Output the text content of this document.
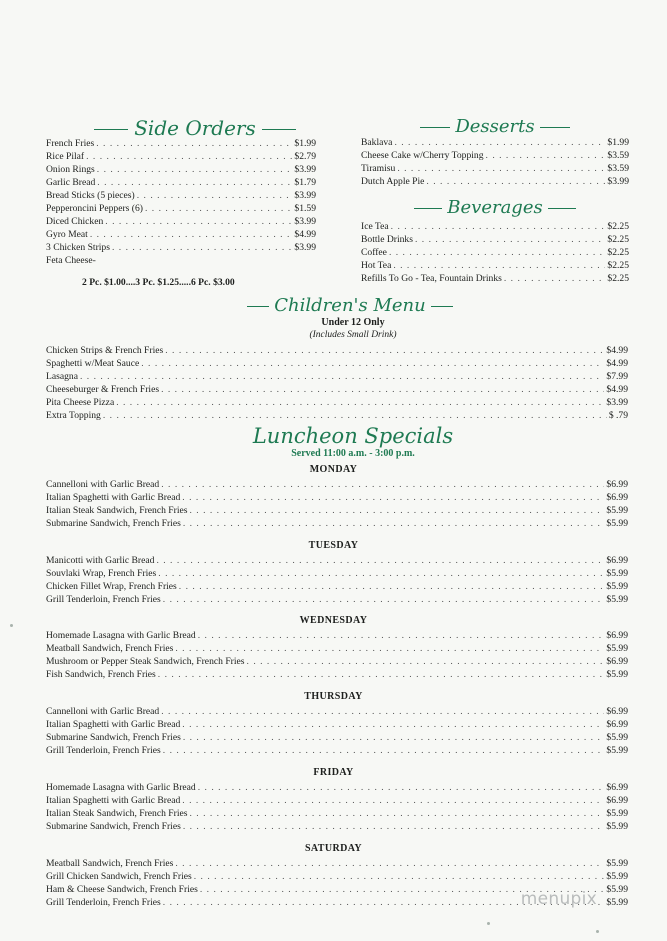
Side Orders
French Fries . . .	$1.99
Rice Pilaf . . .	$2.79
Onion Rings . . .	$3.99
Garlic Bread . . .	$1.79
Bread Sticks (5 pieces) . . .	$3.99
Pepperoncini Peppers (6) . . .	$1.59
Diced Chicken . . .	$3.99
Gyro Meat . . .	$4.99
3 Chicken Strips . . .	$3.99
Feta Cheese-
2 Pc. $1.00....3 Pc. $1.25.....6 Pc. $3.00
Desserts
Baklava . . .	$1.99
Cheese Cake w/Cherry Topping . . .	$3.59
Tiramisu . . .	$3.59
Dutch Apple Pie . . .	$3.99
Beverages
Ice Tea . . .	$2.25
Bottle Drinks . . .	$2.25
Coffee . . .	$2.25
Hot Tea . . .	$2.25
Refills To Go - Tea, Fountain Drinks . . .	$2.25
Children's Menu
Under 12 Only
(Includes Small Drink)
Chicken Strips & French Fries . . .	$4.99
Spaghetti w/Meat Sauce . . .	$4.99
Lasagna . . .	$7.99
Cheeseburger & French Fries . . .	$4.99
Pita Cheese Pizza . . .	$3.99
Extra Topping . . .	$ .79
Luncheon Specials
Served 11:00 a.m. - 3:00 p.m.
MONDAY
Cannelloni with Garlic Bread . . .	$6.99
Italian Spaghetti with Garlic Bread . . .	$6.99
Italian Steak Sandwich, French Fries . . .	$5.99
Submarine Sandwich, French Fries . . .	$5.99
TUESDAY
Manicotti with Garlic Bread . . .	$6.99
Souvlaki Wrap, French Fries . . .	$5.99
Chicken Fillet Wrap, French Fries . . .	$5.99
Grill Tenderloin, French Fries . . .	$5.99
WEDNESDAY
Homemade Lasagna with Garlic Bread . . .	$6.99
Meatball Sandwich, French Fries . . .	$5.99
Mushroom or Pepper Steak Sandwich, French Fries . . .	$6.99
Fish Sandwich, French Fries . . .	$5.99
THURSDAY
Cannelloni with Garlic Bread . . .	$6.99
Italian Spaghetti with Garlic Bread . . .	$6.99
Submarine Sandwich, French Fries . . .	$5.99
Grill Tenderloin, French Fries . . .	$5.99
FRIDAY
Homemade Lasagna with Garlic Bread . . .	$6.99
Italian Spaghetti with Garlic Bread . . .	$6.99
Italian Steak Sandwich, French Fries . . .	$5.99
Submarine Sandwich, French Fries . . .	$5.99
SATURDAY
Meatball Sandwich, French Fries . . .	$5.99
Grill Chicken Sandwich, French Fries . . .	$5.99
Ham & Cheese Sandwich, French Fries . . .	$5.99
Grill Tenderloin, French Fries . . .	$5.99
menupix
